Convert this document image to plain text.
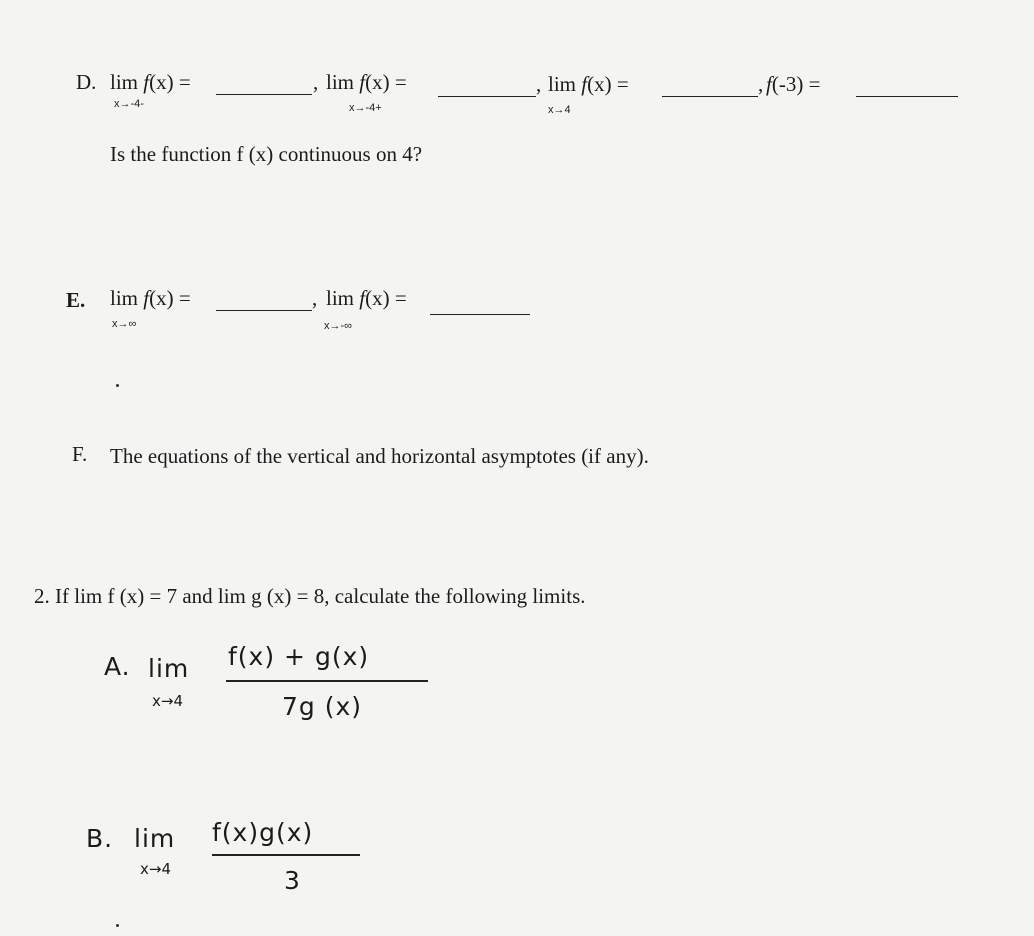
D. lim f(x) =
x→-4-
, lim f(x) =
x→-4+
, lim f(x) =
x→4
, f(-3) =
Is the function f (x) continuous on 4?
E. lim f(x) =
x→∞
, lim f(x) =
x→-∞
F. The equations of the vertical and horizontal asymptotes (if any).
2. If lim f (x) = 7 and lim g (x) = 8, calculate the following limits.
A. lim
x→4
f(x) + g(x)
7g (x)
B. lim
x→4
f(x)g(x)
3
